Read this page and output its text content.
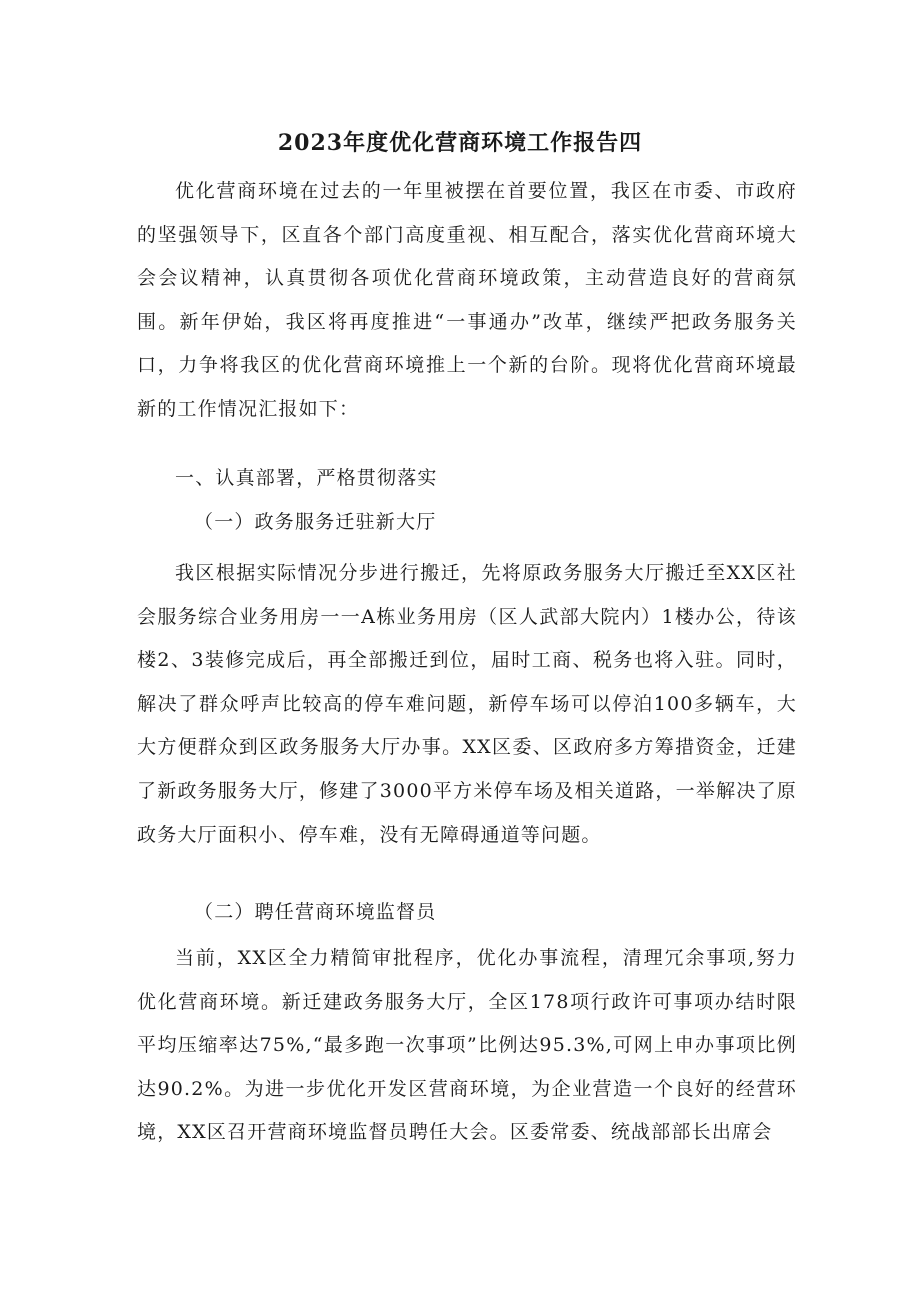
2023年度优化营商环境工作报告四

优化营商环境在过去的一年里被摆在首要位置，我区在市委、市政府的坚强领导下，区直各个部门高度重视、相互配合，落实优化营商环境大会会议精神，认真贯彻各项优化营商环境政策，主动营造良好的营商氛围。新年伊始，我区将再度推进“一事通办”改革，继续严把政务服务关口，力争将我区的优化营商环境推上一个新的台阶。现将优化营商环境最新的工作情况汇报如下：

一、认真部署，严格贯彻落实

（一）政务服务迁驻新大厅

我区根据实际情况分步进行搬迁，先将原政务服务大厅搬迁至XX区社会服务综合业务用房一一A栋业务用房（区人武部大院内）1楼办公，待该楼2、3装修完成后，再全部搬迁到位，届时工商、税务也将入驻。同时，解决了群众呼声比较高的停车难问题，新停车场可以停泊100多辆车，大大方便群众到区政务服务大厅办事。XX区委、区政府多方筹措资金，迁建了新政务服务大厅，修建了3000平方米停车场及相关道路，一举解决了原政务大厅面积小、停车难，没有无障碍通道等问题。

（二）聘任营商环境监督员

当前，XX区全力精简审批程序，优化办事流程，清理冗余事项,努力优化营商环境。新迁建政务服务大厅，全区178项行政许可事项办结时限平均压缩率达75%,“最多跑一次事项”比例达95.3%,可网上申办事项比例达90.2%。为进一步优化开发区营商环境，为企业营造一个良好的经营环境，XX区召开营商环境监督员聘任大会。区委常委、统战部部长出席会
